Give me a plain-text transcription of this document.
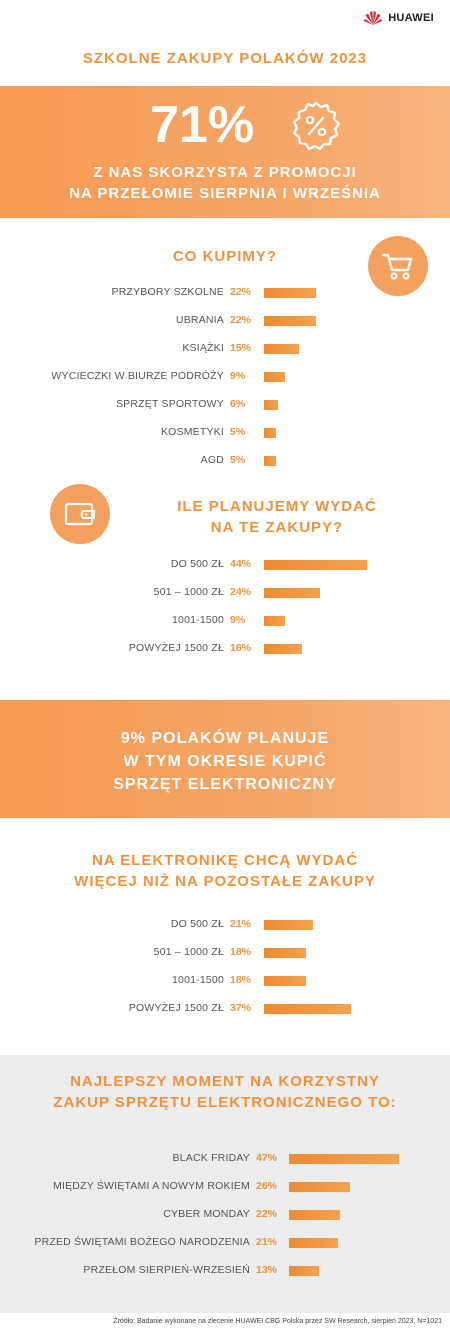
HUAWEI
SZKOLNE ZAKUPY POLAKÓW 2023
71%
Z NAS SKORZYSTA Z PROMOCJI
NA PRZEŁOMIE SIERPNIA I WRZEŚNIA
CO KUPIMY?
PRZYBORY SZKOLNE 22%
UBRANIA 22%
KSIĄŻKI 15%
WYCIECZKI W BIURZE PODRÓŻY 9%
SPRZĘT SPORTOWY 6%
KOSMETYKI 5%
AGD 5%
ILE PLANUJEMY WYDAĆ
NA TE ZAKUPY?
DO 500 ZŁ 44%
501 – 1000 ZŁ 24%
1001-1500 9%
POWYŻEJ 1500 ZŁ 16%
9% POLAKÓW PLANUJE
W TYM OKRESIE KUPIĆ
SPRZĘT ELEKTRONICZNY
NA ELEKTRONIKĘ CHCĄ WYDAĆ
WIĘCEJ NIŻ NA POZOSTAŁE ZAKUPY
DO 500 ZŁ 21%
501 – 1000 ZŁ 18%
1001-1500 18%
POWYŻEJ 1500 ZŁ 37%
NAJLEPSZY MOMENT NA KORZYSTNY
ZAKUP SPRZĘTU ELEKTRONICZNEGO TO:
BLACK FRIDAY 47%
MIĘDZY ŚWIĘTAMI A NOWYM ROKIEM 26%
CYBER MONDAY 22%
PRZED ŚWIĘTAMI BOŻEGO NARODZENIA 21%
PRZEŁOM SIERPIEŃ-WRZESIEŃ 13%
Źródło: Badanie wykonane na zlecenie HUAWEI CBG Polska przez SW Research, sierpień 2023, N=1021
